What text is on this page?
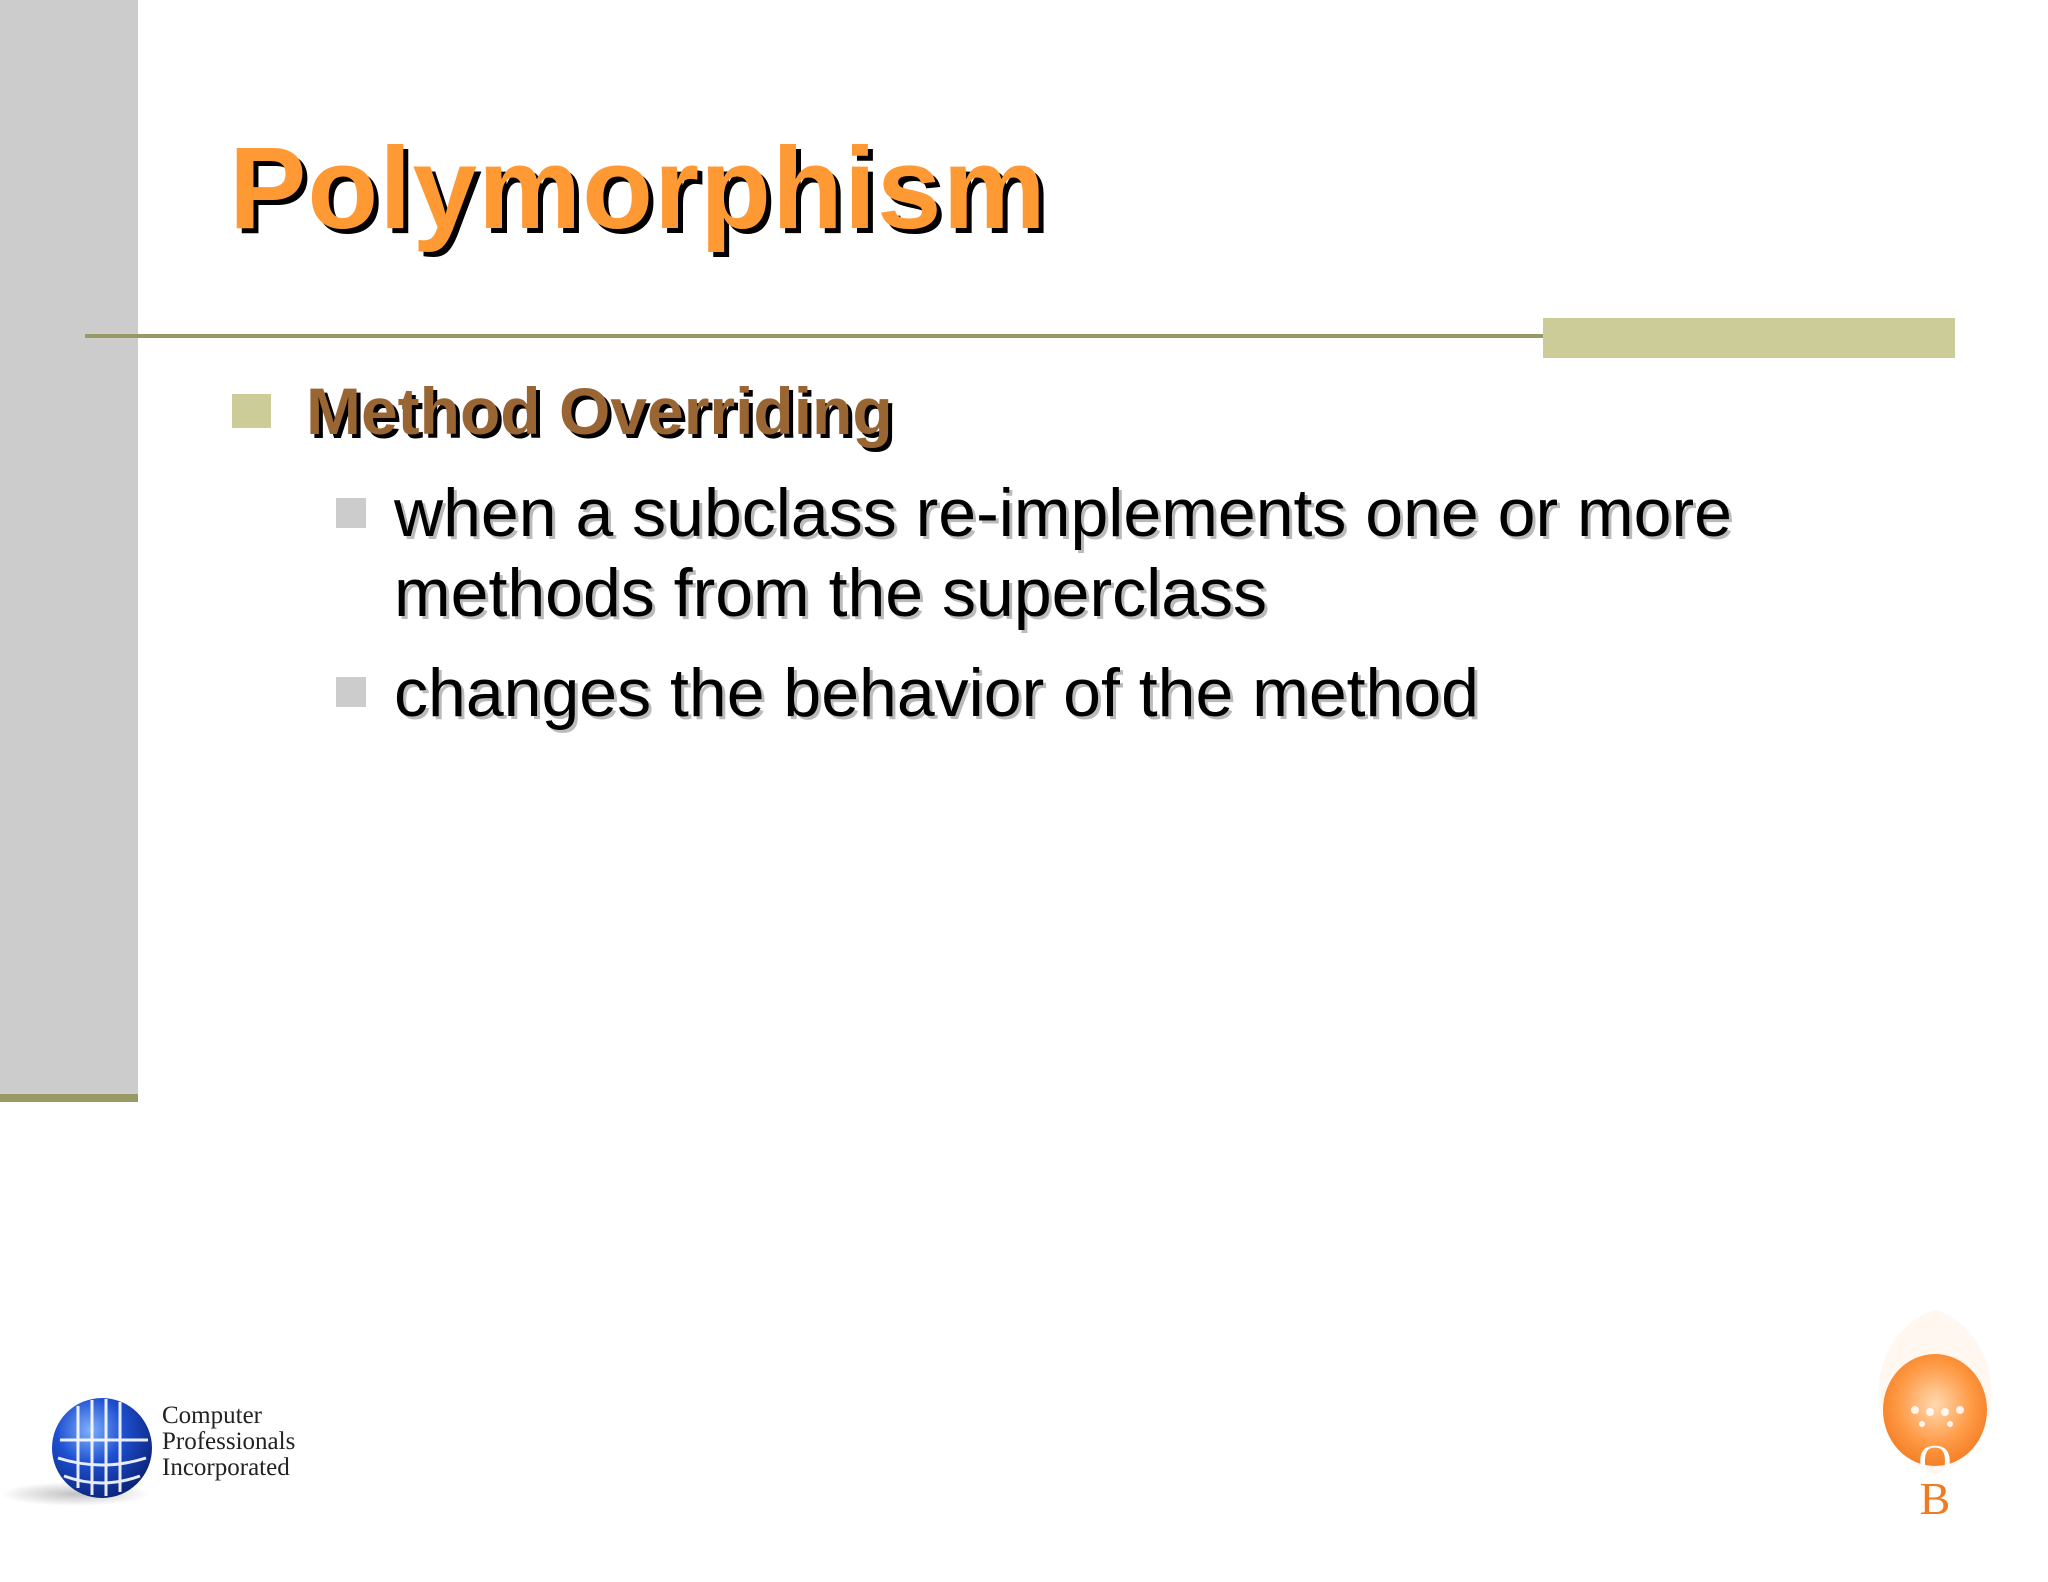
Polymorphism
Method Overriding
when a subclass re-implements one or more methods from the superclass
changes the behavior of the method
Computer
Professionals
Incorporated	O
B
